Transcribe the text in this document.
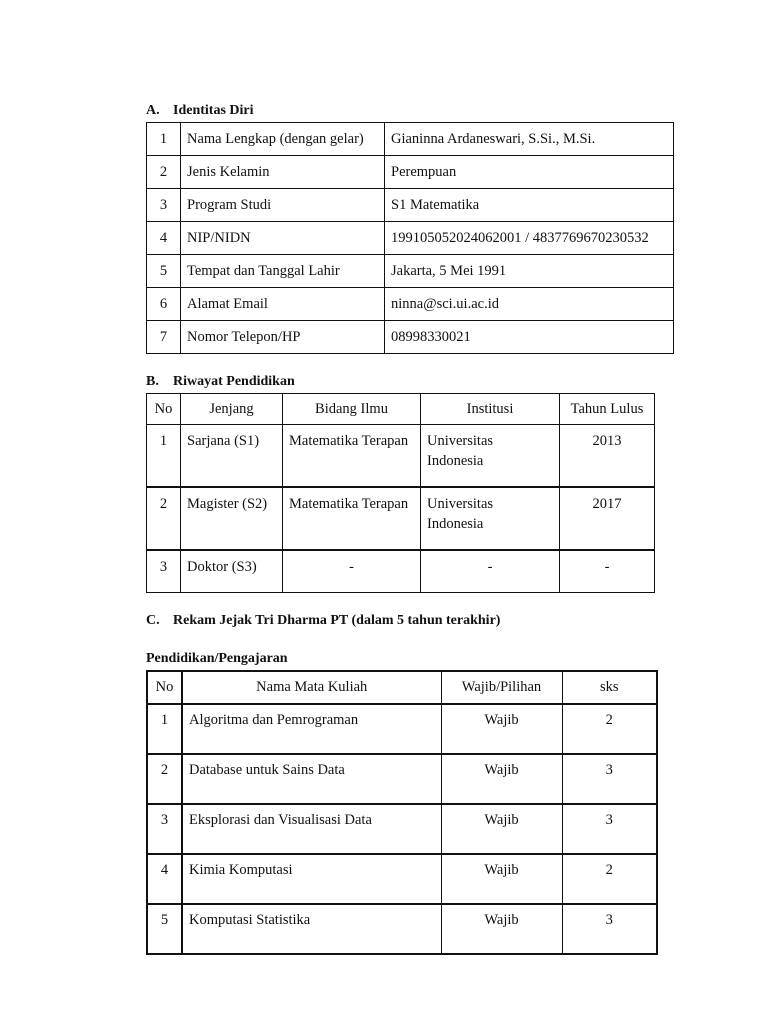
A. Identitas Diri
1	Nama Lengkap (dengan gelar)	Gianinna Ardaneswari, S.Si., M.Si.
2	Jenis Kelamin	Perempuan
3	Program Studi	S1 Matematika
4	NIP/NIDN	199105052024062001 / 4837769670230532
5	Tempat dan Tanggal Lahir	Jakarta, 5 Mei 1991
6	Alamat Email	ninna@sci.ui.ac.id
7	Nomor Telepon/HP	08998330021
B. Riwayat Pendidikan
No	Jenjang	Bidang Ilmu	Institusi	Tahun Lulus
1	Sarjana (S1)	Matematika Terapan	Universitas Indonesia	2013
2	Magister (S2)	Matematika Terapan	Universitas Indonesia	2017
3	Doktor (S3)	-	-	-
C. Rekam Jejak Tri Dharma PT (dalam 5 tahun terakhir)
Pendidikan/Pengajaran
No	Nama Mata Kuliah	Wajib/Pilihan	sks
1	Algoritma dan Pemrograman	Wajib	2
2	Database untuk Sains Data	Wajib	3
3	Eksplorasi dan Visualisasi Data	Wajib	3
4	Kimia Komputasi	Wajib	2
5	Komputasi Statistika	Wajib	3
